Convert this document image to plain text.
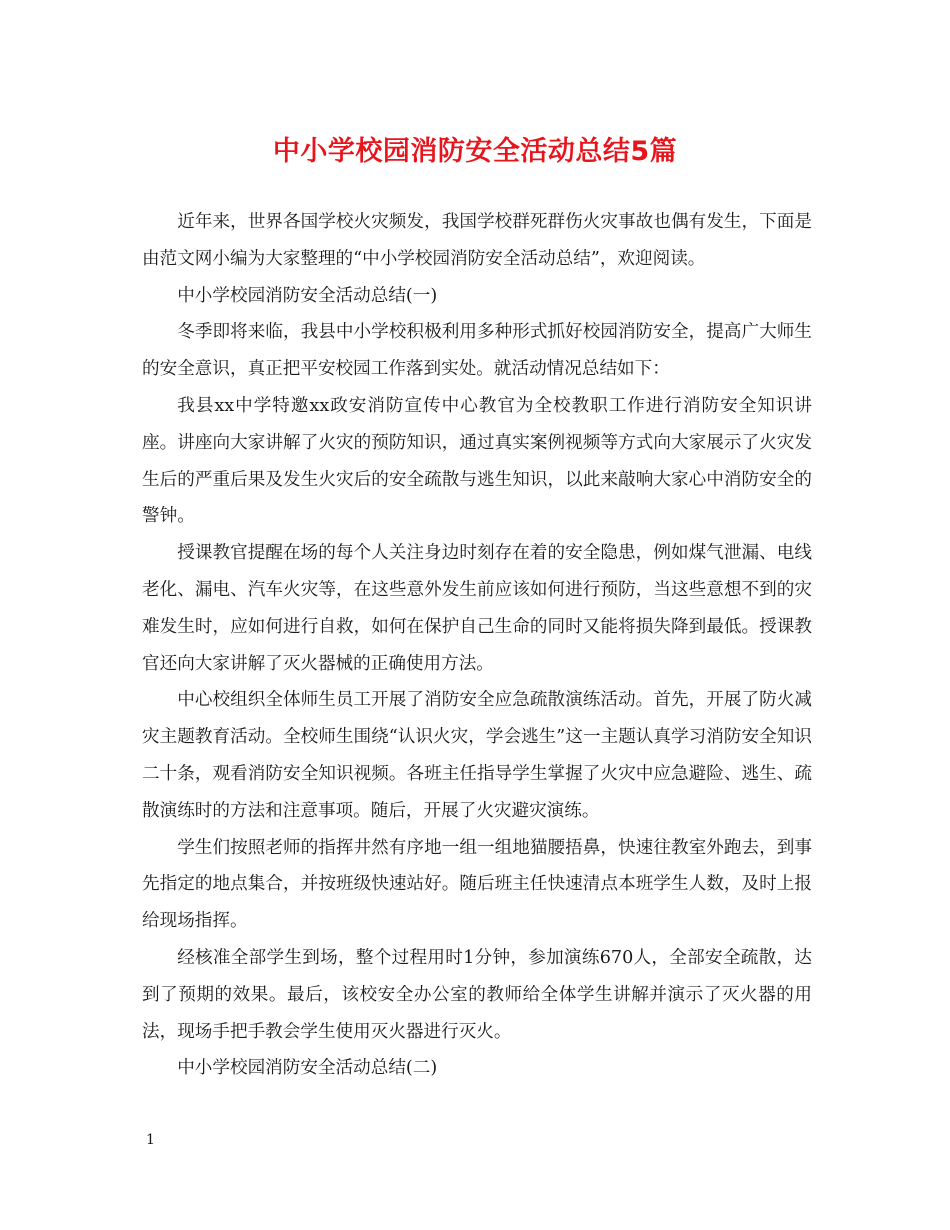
中小学校园消防安全活动总结5篇

近年来，世界各国学校火灾频发，我国学校群死群伤火灾事故也偶有发生，下面是由范文网小编为大家整理的“中小学校园消防安全活动总结”，欢迎阅读。

中小学校园消防安全活动总结(一)

冬季即将来临，我县中小学校积极利用多种形式抓好校园消防安全，提高广大师生的安全意识，真正把平安校园工作落到实处。就活动情况总结如下：

我县xx中学特邀xx政安消防宣传中心教官为全校教职工作进行消防安全知识讲座。讲座向大家讲解了火灾的预防知识，通过真实案例视频等方式向大家展示了火灾发生后的严重后果及发生火灾后的安全疏散与逃生知识，以此来敲响大家心中消防安全的警钟。

授课教官提醒在场的每个人关注身边时刻存在着的安全隐患，例如煤气泄漏、电线老化、漏电、汽车火灾等，在这些意外发生前应该如何进行预防，当这些意想不到的灾难发生时，应如何进行自救，如何在保护自己生命的同时又能将损失降到最低。授课教官还向大家讲解了灭火器械的正确使用方法。

中心校组织全体师生员工开展了消防安全应急疏散演练活动。首先，开展了防火减灾主题教育活动。全校师生围绕“认识火灾，学会逃生”这一主题认真学习消防安全知识二十条，观看消防安全知识视频。各班主任指导学生掌握了火灾中应急避险、逃生、疏散演练时的方法和注意事项。随后，开展了火灾避灾演练。

学生们按照老师的指挥井然有序地一组一组地猫腰捂鼻，快速往教室外跑去，到事先指定的地点集合，并按班级快速站好。随后班主任快速清点本班学生人数，及时上报给现场指挥。

经核准全部学生到场，整个过程用时1分钟，参加演练670人，全部安全疏散，达到了预期的效果。最后，该校安全办公室的教师给全体学生讲解并演示了灭火器的用法，现场手把手教会学生使用灭火器进行灭火。

中小学校园消防安全活动总结(二)

1
